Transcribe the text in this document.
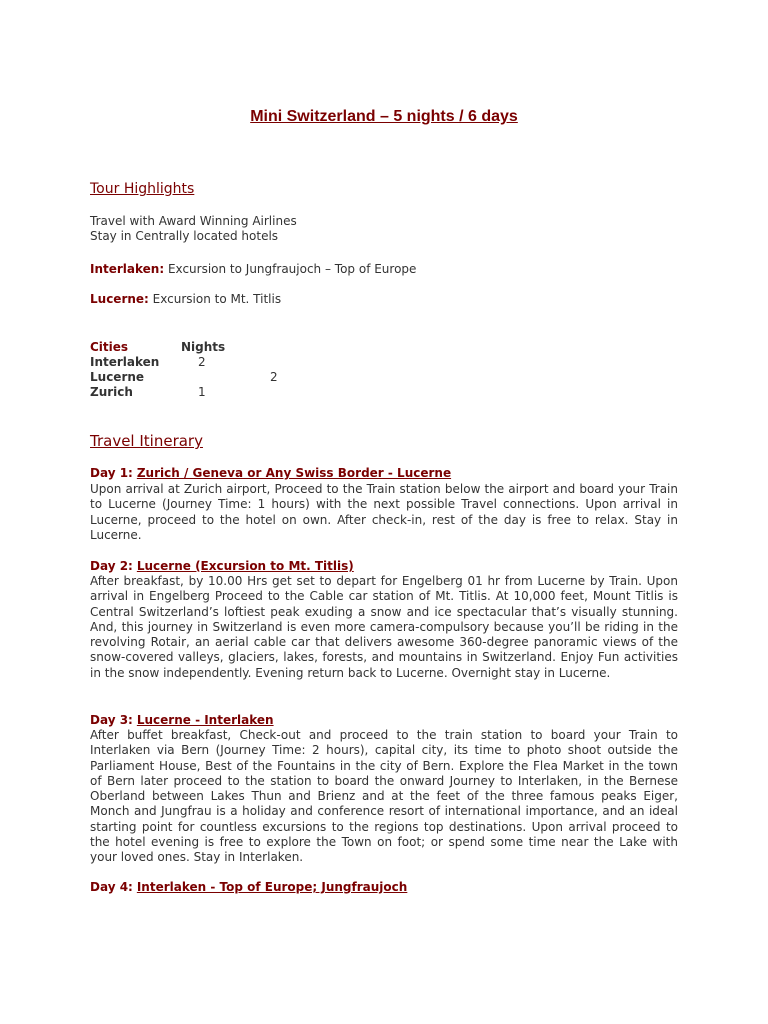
Mini Switzerland – 5 nights / 6 days
Tour Highlights
Travel with Award Winning Airlines
Stay in Centrally located hotels
Interlaken: Excursion to Jungfraujoch – Top of Europe
Lucerne: Excursion to Mt. Titlis
Cities	Nights
Interlaken	2
Lucerne	2
Zurich	1
Travel Itinerary
Day 1: Zurich / Geneva or Any Swiss Border - Lucerne
Upon arrival at Zurich airport, Proceed to the Train station below the airport and board your Train to Lucerne (Journey Time: 1 hours) with the next possible Travel connections. Upon arrival in Lucerne, proceed to the hotel on own. After check-in, rest of the day is free to relax. Stay in Lucerne.
Day 2: Lucerne (Excursion to Mt. Titlis)
After breakfast, by 10.00 Hrs get set to depart for Engelberg 01 hr from Lucerne by Train. Upon arrival in Engelberg Proceed to the Cable car station of Mt. Titlis. At 10,000 feet, Mount Titlis is Central Switzerland’s loftiest peak exuding a snow and ice spectacular that’s visually stunning. And, this journey in Switzerland is even more camera-compulsory because you’ll be riding in the revolving Rotair, an aerial cable car that delivers awesome 360-degree panoramic views of the snow-covered valleys, glaciers, lakes, forests, and mountains in Switzerland. Enjoy Fun activities in the snow independently. Evening return back to Lucerne. Overnight stay in Lucerne.
Day 3: Lucerne - Interlaken
After buffet breakfast, Check-out and proceed to the train station to board your Train to Interlaken via Bern (Journey Time: 2 hours), capital city, its time to photo shoot outside the Parliament House, Best of the Fountains in the city of Bern. Explore the Flea Market in the town of Bern later proceed to the station to board the onward Journey to Interlaken, in the Bernese Oberland between Lakes Thun and Brienz and at the feet of the three famous peaks Eiger, Monch and Jungfrau is a holiday and conference resort of international importance, and an ideal starting point for countless excursions to the regions top destinations. Upon arrival proceed to the hotel evening is free to explore the Town on foot; or spend some time near the Lake with your loved ones. Stay in Interlaken.
Day 4: Interlaken - Top of Europe; Jungfraujoch
